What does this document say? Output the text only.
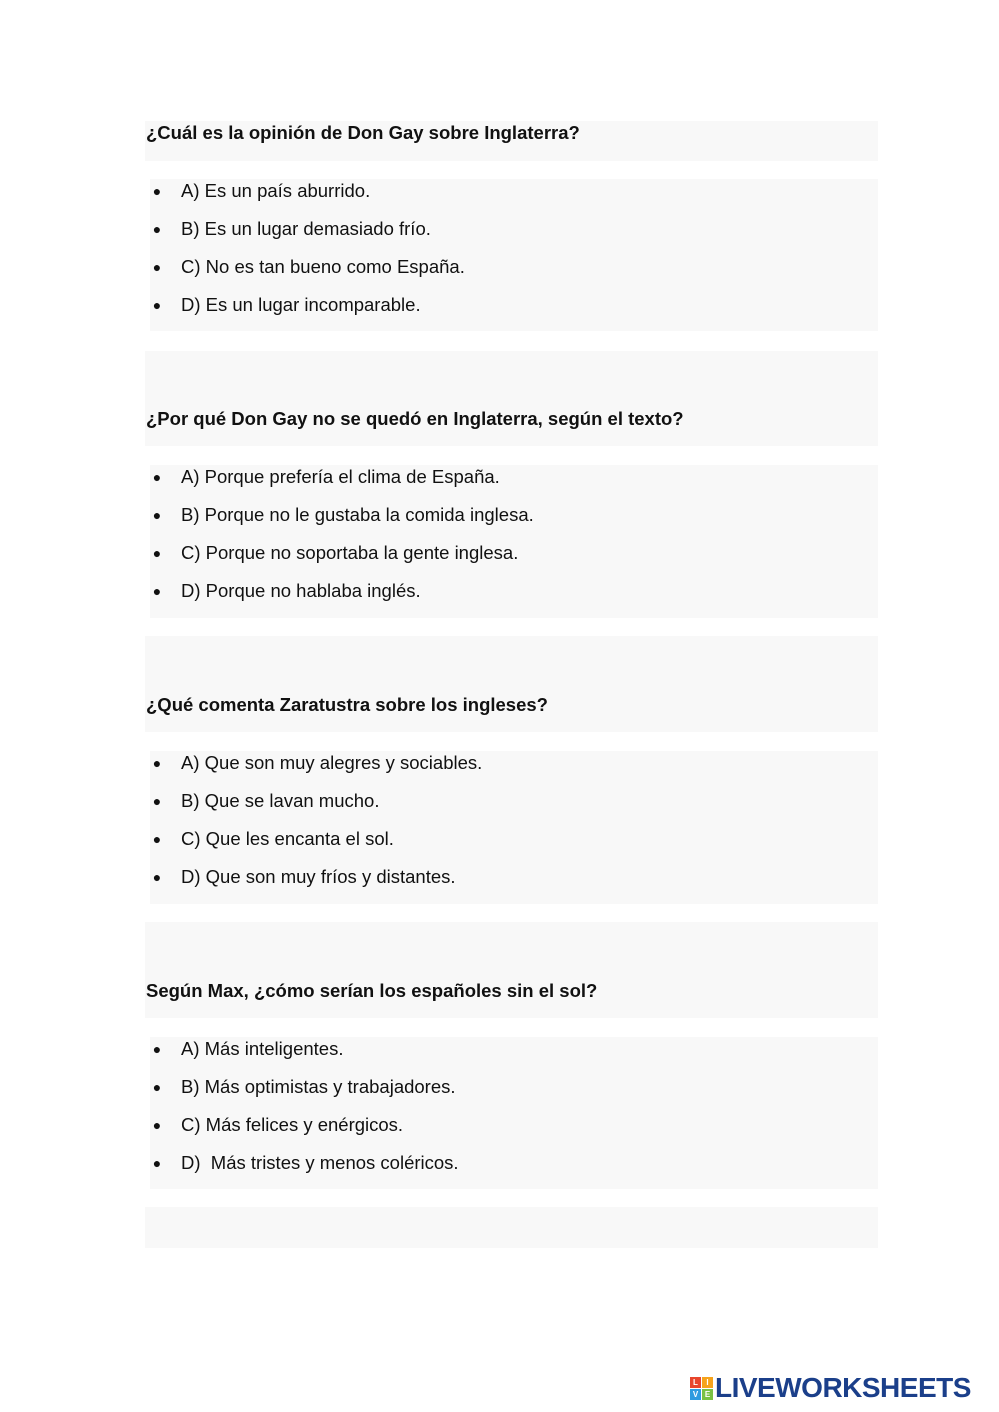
¿Cuál es la opinión de Don Gay sobre Inglaterra?

●

A) Es un país aburrido.

●

B) Es un lugar demasiado frío.

●

C) No es tan bueno como España.

●

D) Es un lugar incomparable.

¿Por qué Don Gay no se quedó en Inglaterra, según el texto?

●

A) Porque prefería el clima de España.

●

B) Porque no le gustaba la comida inglesa.

●

C) Porque no soportaba la gente inglesa.

●

D) Porque no hablaba inglés.

¿Qué comenta Zaratustra sobre los ingleses?

●

A) Que son muy alegres y sociables.

●

B) Que se lavan mucho.

●

C) Que les encanta el sol.

●

D) Que son muy fríos y distantes.

Según Max, ¿cómo serían los españoles sin el sol?

●

A) Más inteligentes.

●

B) Más optimistas y trabajadores.

●

C) Más felices y enérgicos.

●

D)  Más tristes y menos coléricos.

L	I
V E LIVEWORKSHEETS
